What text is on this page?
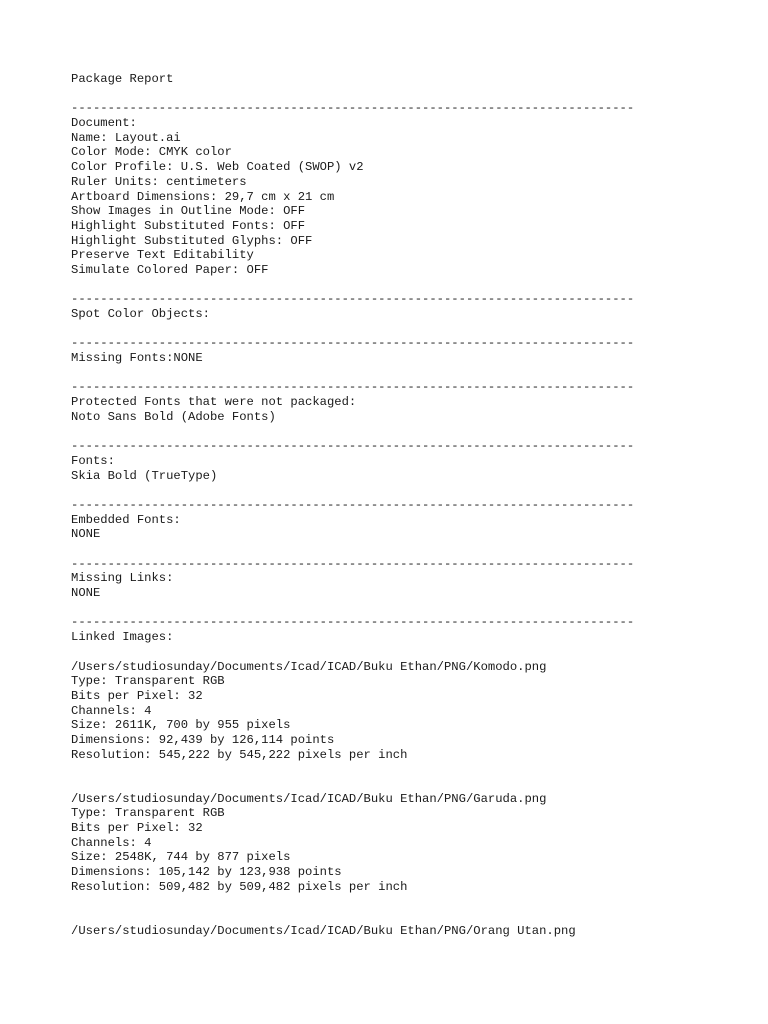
Package Report
-----------------------------------------------------------------------------
Document:
Name: Layout.ai
Color Mode: CMYK color
Color Profile: U.S. Web Coated (SWOP) v2
Ruler Units: centimeters
Artboard Dimensions: 29,7 cm x 21 cm
Show Images in Outline Mode: OFF
Highlight Substituted Fonts: OFF
Highlight Substituted Glyphs: OFF
Preserve Text Editability
Simulate Colored Paper: OFF
-----------------------------------------------------------------------------
Spot Color Objects:
-----------------------------------------------------------------------------
Missing Fonts:NONE
-----------------------------------------------------------------------------
Protected Fonts that were not packaged:
Noto Sans Bold (Adobe Fonts)
-----------------------------------------------------------------------------
Fonts:
Skia Bold (TrueType)
-----------------------------------------------------------------------------
Embedded Fonts:
NONE
-----------------------------------------------------------------------------
Missing Links:
NONE
-----------------------------------------------------------------------------
Linked Images:
/Users/studiosunday/Documents/Icad/ICAD/Buku Ethan/PNG/Komodo.png
Type: Transparent RGB
Bits per Pixel: 32
Channels: 4
Size: 2611K, 700 by 955 pixels
Dimensions: 92,439 by 126,114 points
Resolution: 545,222 by 545,222 pixels per inch
/Users/studiosunday/Documents/Icad/ICAD/Buku Ethan/PNG/Garuda.png
Type: Transparent RGB
Bits per Pixel: 32
Channels: 4
Size: 2548K, 744 by 877 pixels
Dimensions: 105,142 by 123,938 points
Resolution: 509,482 by 509,482 pixels per inch
/Users/studiosunday/Documents/Icad/ICAD/Buku Ethan/PNG/Orang Utan.png
